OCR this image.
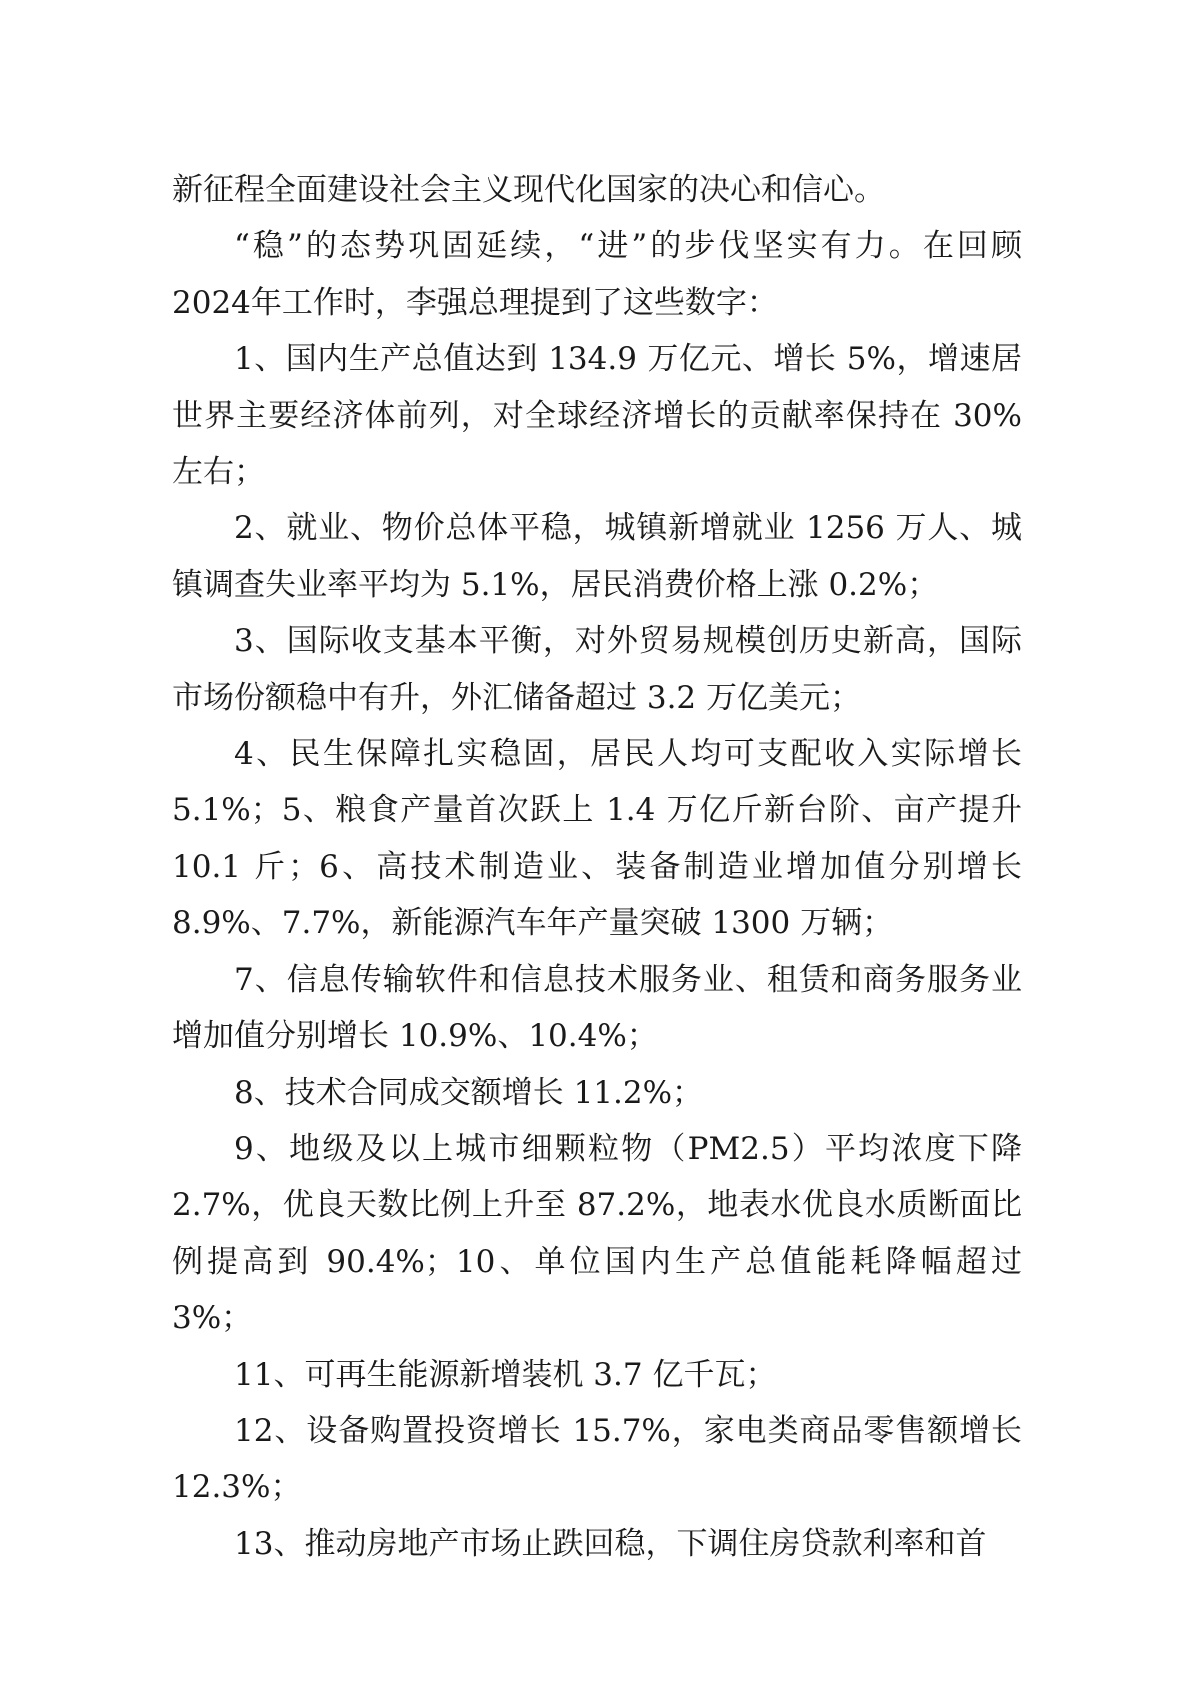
新征程全面建设社会主义现代化国家的决心和信心。

“稳”的态势巩固延续，“进”的步伐坚实有力。在回顾2024年工作时，李强总理提到了这些数字：

1、国内生产总值达到 134.9 万亿元、增长 5%，增速居世界主要经济体前列，对全球经济增长的贡献率保持在 30%左右；

2、就业、物价总体平稳，城镇新增就业 1256 万人、城镇调查失业率平均为 5.1%，居民消费价格上涨 0.2%；

3、国际收支基本平衡，对外贸易规模创历史新高，国际市场份额稳中有升，外汇储备超过 3.2 万亿美元；

4、民生保障扎实稳固，居民人均可支配收入实际增长5.1%；5、粮食产量首次跃上 1.4 万亿斤新台阶、亩产提升10.1 斤；6、高技术制造业、装备制造业增加值分别增长8.9%、7.7%，新能源汽车年产量突破 1300 万辆；

7、信息传输软件和信息技术服务业、租赁和商务服务业增加值分别增长 10.9%、10.4%；

8、技术合同成交额增长 11.2%；

9、地级及以上城市细颗粒物（PM2.5）平均浓度下降2.7%，优良天数比例上升至 87.2%，地表水优良水质断面比例提高到 90.4%；10、单位国内生产总值能耗降幅超过 3%；

11、可再生能源新增装机 3.7 亿千瓦；

12、设备购置投资增长 15.7%，家电类商品零售额增长12.3%；

13、推动房地产市场止跌回稳，下调住房贷款利率和首
